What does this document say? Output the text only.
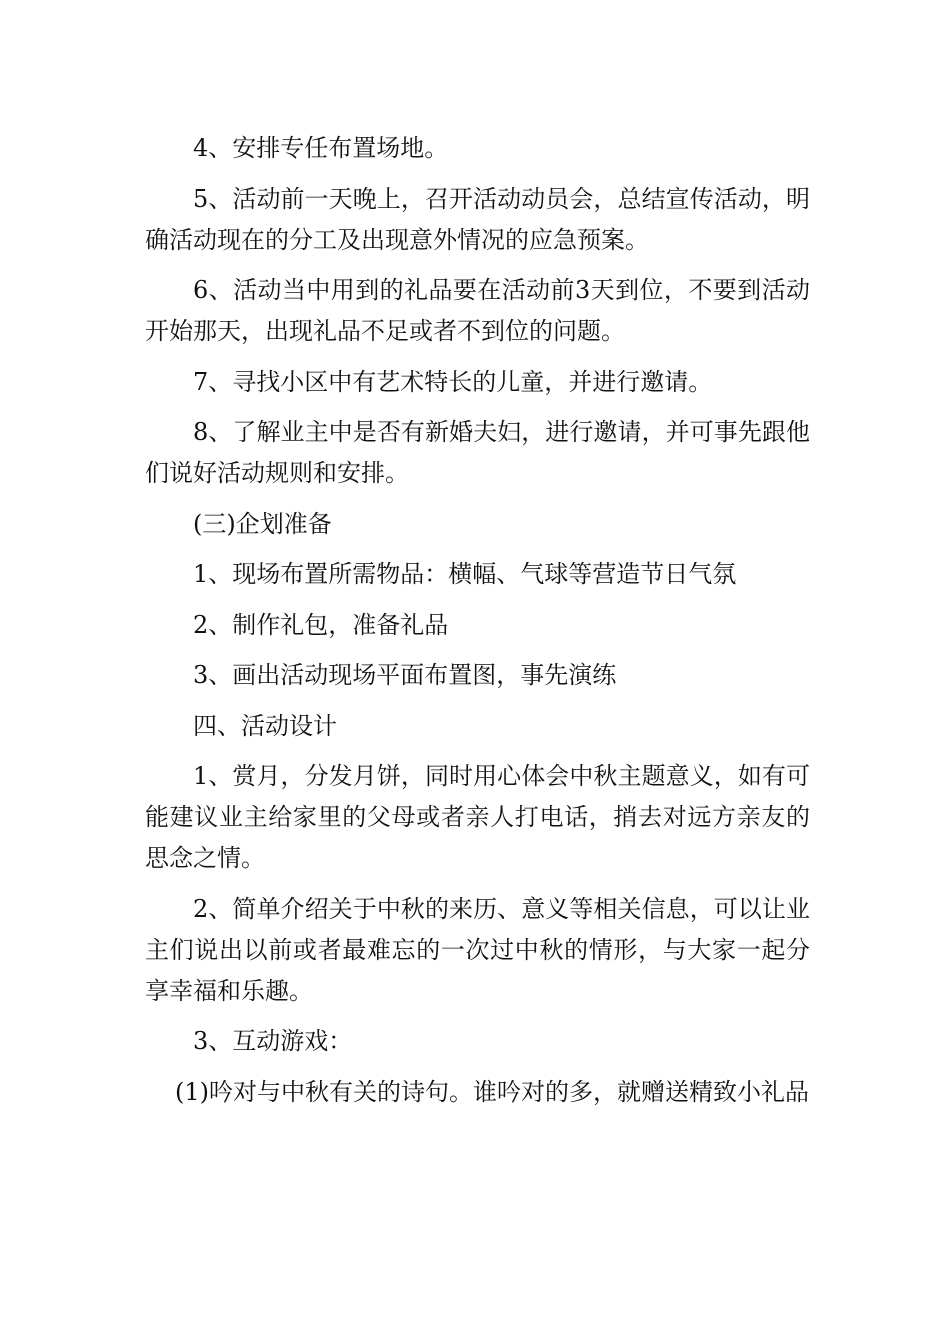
4、安排专任布置场地。

5、活动前一天晚上，召开活动动员会，总结宣传活动，明确活动现在的分工及出现意外情况的应急预案。

6、活动当中用到的礼品要在活动前3天到位，不要到活动开始那天，出现礼品不足或者不到位的问题。

7、寻找小区中有艺术特长的儿童，并进行邀请。

8、了解业主中是否有新婚夫妇，进行邀请，并可事先跟他们说好活动规则和安排。

(三)企划准备

1、现场布置所需物品：横幅、气球等营造节日气氛

2、制作礼包，准备礼品

3、画出活动现场平面布置图，事先演练

四、活动设计

1、赏月，分发月饼，同时用心体会中秋主题意义，如有可能建议业主给家里的父母或者亲人打电话，捎去对远方亲友的思念之情。

2、简单介绍关于中秋的来历、意义等相关信息，可以让业主们说出以前或者最难忘的一次过中秋的情形，与大家一起分享幸福和乐趣。

3、互动游戏：

(1)吟对与中秋有关的诗句。谁吟对的多，就赠送精致小礼品
